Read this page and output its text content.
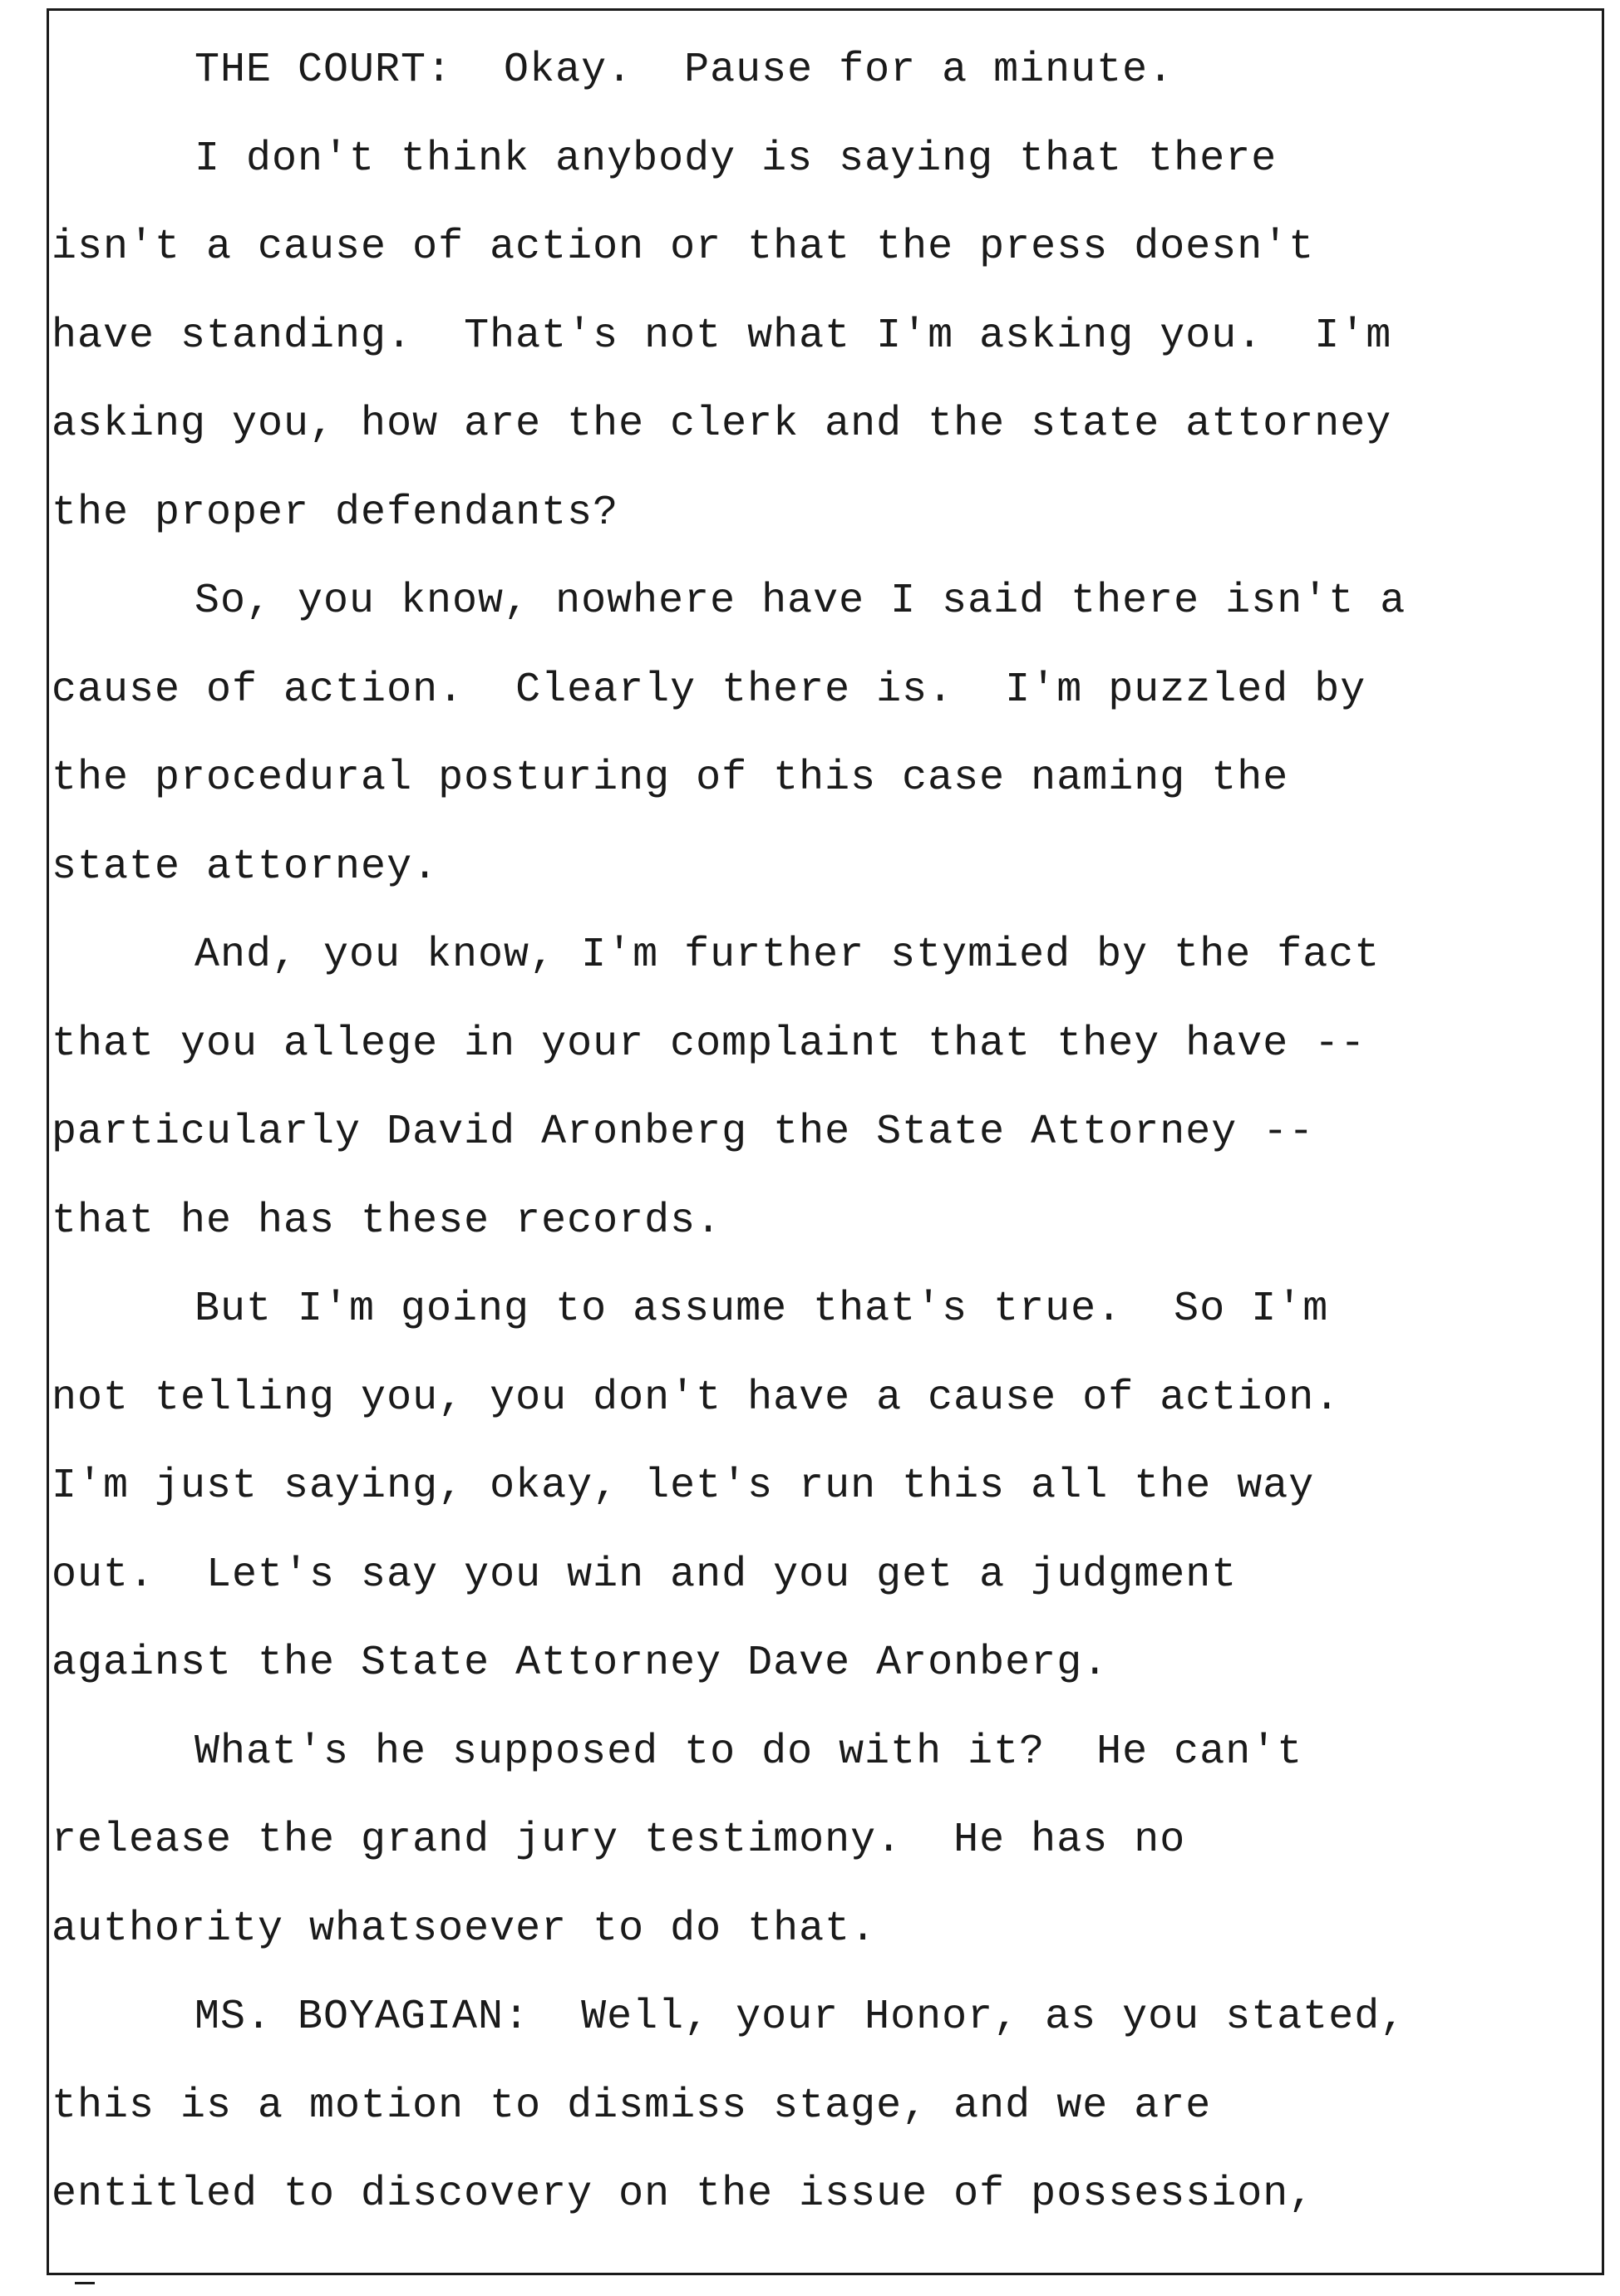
THE COURT:  Okay.  Pause for a minute.
I don't think anybody is saying that there
isn't a cause of action or that the press doesn't
have standing.  That's not what I'm asking you.  I'm
asking you, how are the clerk and the state attorney
the proper defendants?
So, you know, nowhere have I said there isn't a
cause of action.  Clearly there is.  I'm puzzled by
the procedural posturing of this case naming the
state attorney.
And, you know, I'm further stymied by the fact
that you allege in your complaint that they have --
particularly David Aronberg the State Attorney --
that he has these records.
But I'm going to assume that's true.  So I'm
not telling you, you don't have a cause of action.
I'm just saying, okay, let's run this all the way
out.  Let's say you win and you get a judgment
against the State Attorney Dave Aronberg.
What's he supposed to do with it?  He can't
release the grand jury testimony.  He has no
authority whatsoever to do that.
MS. BOYAGIAN:  Well, your Honor, as you stated,
this is a motion to dismiss stage, and we are
entitled to discovery on the issue of possession,
